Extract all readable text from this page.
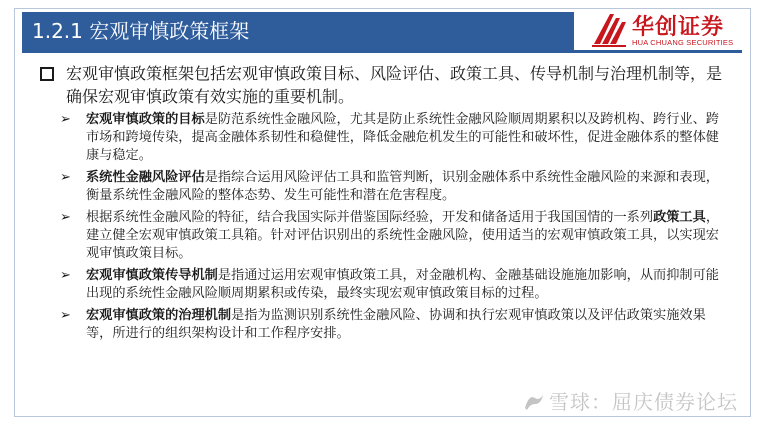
1.2.1 宏观审慎政策框架	华创证券
HUA CHUANG SECURITIES
宏观审慎政策框架包括宏观审慎政策目标、风险评估、政策工具、传导机制与治理机制等，是确保宏观审慎政策有效实施的重要机制。
➢ 宏观审慎政策的目标是防范系统性金融风险，尤其是防止系统性金融风险顺周期累积以及跨机构、跨行业、跨市场和跨境传染，提高金融体系韧性和稳健性，降低金融危机发生的可能性和破坏性，促进金融体系的整体健康与稳定。
➢ 系统性金融风险评估是指综合运用风险评估工具和监管判断，识别金融体系中系统性金融风险的来源和表现，衡量系统性金融风险的整体态势、发生可能性和潜在危害程度。
➢ 根据系统性金融风险的特征，结合我国实际并借鉴国际经验，开发和储备适用于我国国情的一系列政策工具，建立健全宏观审慎政策工具箱。针对评估识别出的系统性金融风险，使用适当的宏观审慎政策工具，以实现宏观审慎政策目标。
➢ 宏观审慎政策传导机制是指通过运用宏观审慎政策工具，对金融机构、金融基础设施施加影响，从而抑制可能出现的系统性金融风险顺周期累积或传染，最终实现宏观审慎政策目标的过程。
➢ 宏观审慎政策的治理机制是指为监测识别系统性金融风险、协调和执行宏观审慎政策以及评估政策实施效果等，所进行的组织架构设计和工作程序安排。
雪球：屈庆债券论坛
